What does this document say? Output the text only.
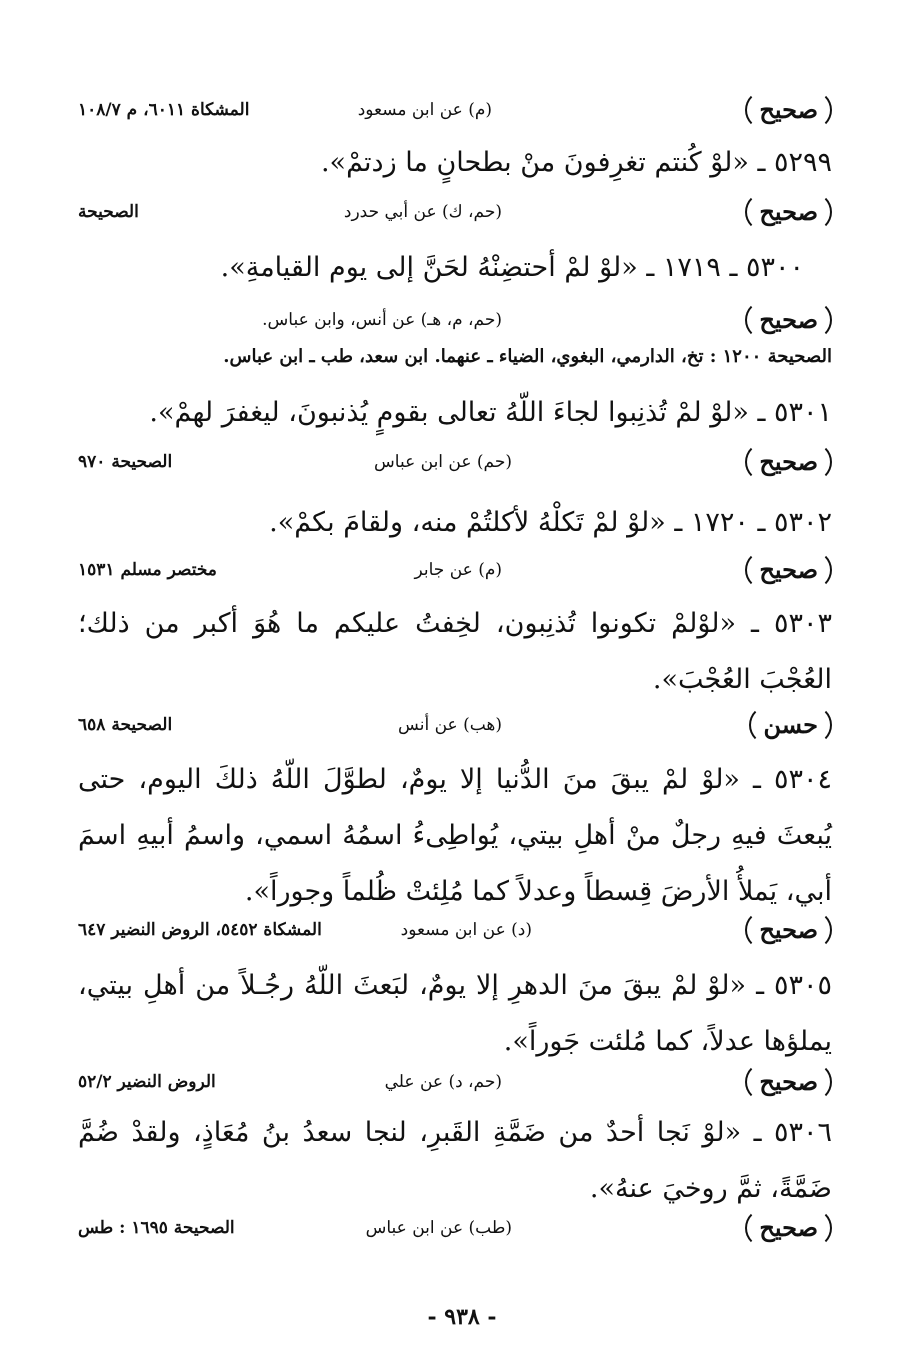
صحيح
(م) عن ابن مسعود
المشكاة ٦٠١١، م ١٠٨/٧
٥٢٩٩ ـ «لوْ كُنتم تغرِفونَ منْ بطحانٍ ما زدتمْ».
صحيح
(حم، ك) عن أبي حدرد
الصحيحة
٥٣٠٠ ـ ١٧١٩ ـ «لوْ لمْ أحتضِنْهُ لحَنَّ إلى يوم القيامةِ».
صحيح
(حم، م، هـ) عن أنس، وابن عباس.
الصحيحة ١٢٠٠ : تخ، الدارمي، البغوي، الضياء ـ عنهما. ابن سعد، طب ـ ابن عباس.
٥٣٠١ ـ «لوْ لمْ تُذنِبوا لجاءَ اللّهُ تعالى بقومٍ يُذنبونَ، ليغفرَ لهمْ».
صحيح
(حم) عن ابن عباس
الصحيحة ٩٧٠
٥٣٠٢ ـ ١٧٢٠ ـ «لوْ لمْ تَكلْهُ لأكلتُمْ منه، ولقامَ بكمْ».
صحيح
(م) عن جابر
مختصر مسلم ١٥٣١
٥٣٠٣ ـ «لوْلمْ تكونوا تُذنِبون، لخِفتُ عليكم ما هُوَ أكبر من ذلك؛ العُجْبَ العُجْبَ».
حسن
(هب) عن أنس
الصحيحة ٦٥٨
٥٣٠٤ ـ «لوْ لمْ يبقَ منَ الدُّنيا إلا يومٌ، لطوَّلَ اللّهُ ذلكَ اليوم، حتى يُبعثَ فيهِ رجلٌ منْ أهلِ بيتي، يُواطِىءُ اسمُهُ اسمي، واسمُ أبيهِ اسمَ أبي، يَملأُ الأرضَ قِسطاً وعدلاً كما مُلِئتْ ظُلماً وجوراً».
صحيح
(د) عن ابن مسعود
المشكاة ٥٤٥٢، الروض النضير ٦٤٧
٥٣٠٥ ـ «لوْ لمْ يبقَ منَ الدهرِ إلا يومٌ، لبَعثَ اللّهُ رجُـلاً من أهلِ بيتي، يملؤها عدلاً، كما مُلئت جَوراً».
صحيح
(حم، د) عن علي
الروض النضير ٥٢/٢
٥٣٠٦ ـ «لوْ نَجا أحدٌ من ضَمَّةِ القَبرِ، لنجا سعدُ بنُ مُعَاذٍ، ولقدْ ضُمَّ ضَمَّةً، ثمَّ روخيَ عنهُ».
صحيح
(طب) عن ابن عباس
الصحيحة ١٦٩٥ : طس
- ٩٣٨ -
